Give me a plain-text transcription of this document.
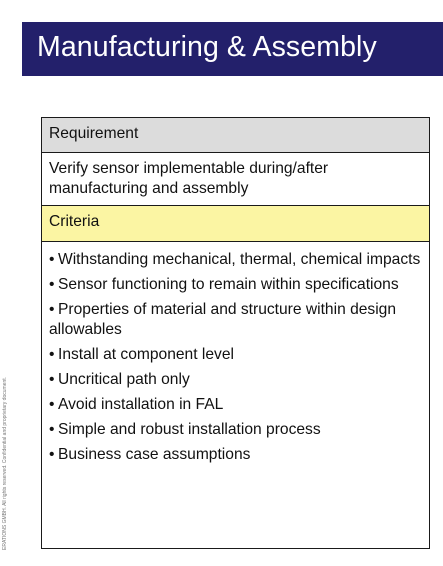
Manufacturing & Assembly
Requirement
Verify sensor implementable during/after manufacturing and assembly
Criteria
• Withstanding mechanical, thermal, chemical impacts
• Sensor functioning to remain within specifications
• Properties of material and structure within design allowables
• Install at component level
• Uncritical path only
• Avoid installation in FAL
• Simple and robust installation process
• Business case assumptions
ERATIONS GMBH. All rights reserved. Confidential and proprietary document.
